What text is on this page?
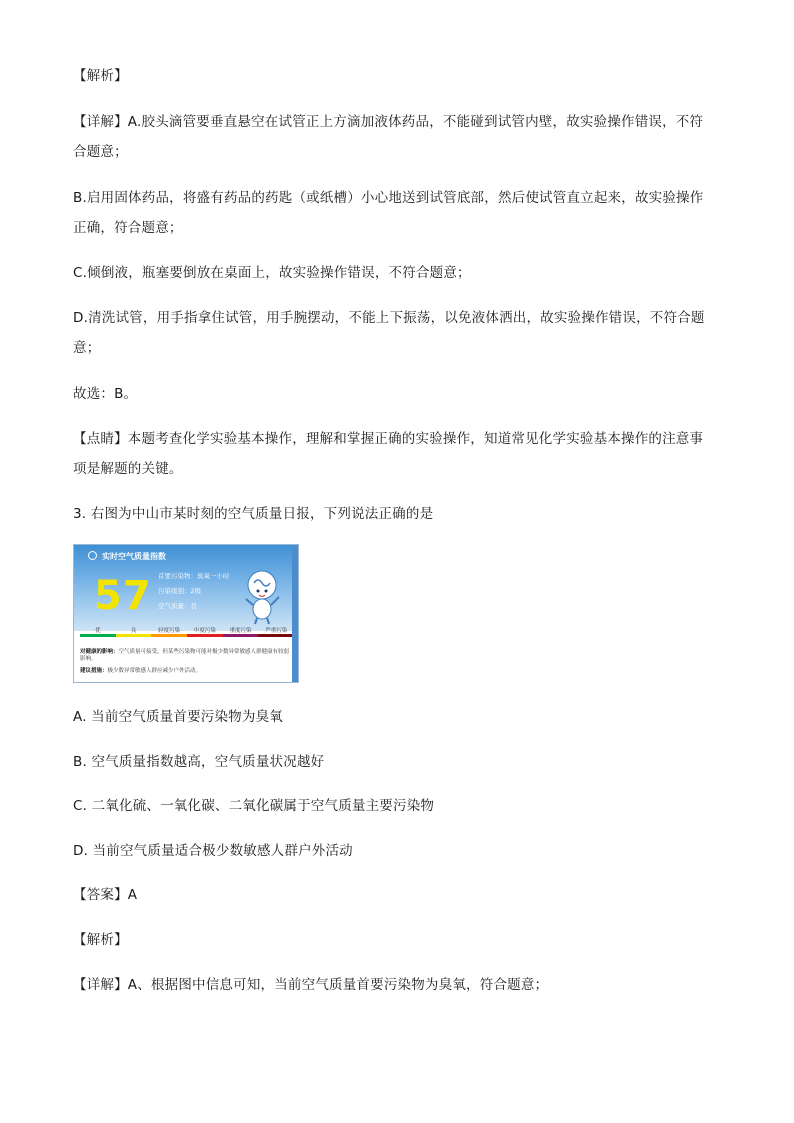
【解析】
【详解】A.胶头滴管要垂直悬空在试管正上方滴加液体药品，不能碰到试管内壁，故实验操作错误，不符
合题意；
B.启用固体药品，将盛有药品的药匙（或纸槽）小心地送到试管底部，然后使试管直立起来，故实验操作
正确，符合题意；
C.倾倒液，瓶塞要倒放在桌面上，故实验操作错误，不符合题意；
D.清洗试管，用手指拿住试管，用手腕摆动，不能上下振荡，以免液体洒出，故实验操作错误，不符合题
意；
故选：B。
【点睛】本题考查化学实验基本操作，理解和掌握正确的实验操作，知道常见化学实验基本操作的注意事
项是解题的关键。
3. 右图为中山市某时刻的空气质量日报，下列说法正确的是
实时空气质量指数
57 首要污染物：臭氧一小时
污染级别：2级
空气质量：良
优	良	轻度污染	中度污染	重度污染	严重污染
对健康的影响：空气质量可接受，但某些污染物可能对极少数异常敏感人群健康有较弱影响。
建议措施：极少数异常敏感人群应减少户外活动。
A. 当前空气质量首要污染物为臭氧
B. 空气质量指数越高，空气质量状况越好
C. 二氧化硫、一氧化碳、二氧化碳属于空气质量主要污染物
D. 当前空气质量适合极少数敏感人群户外活动
【答案】A
【解析】
【详解】A、根据图中信息可知，当前空气质量首要污染物为臭氧，符合题意；
